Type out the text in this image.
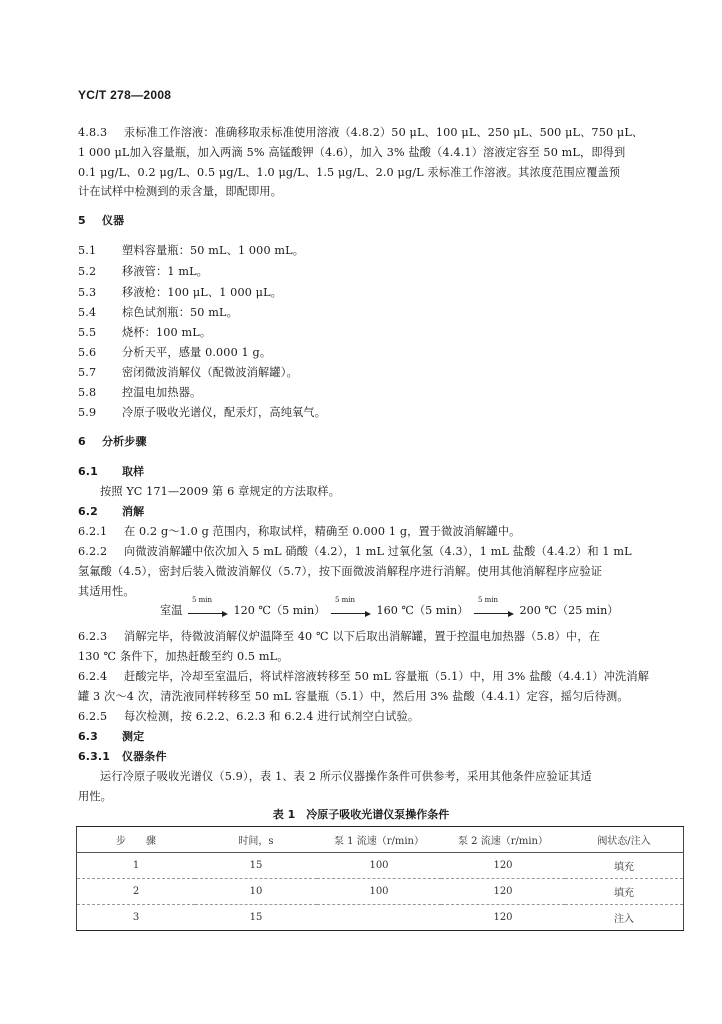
YC/T 278—2008
4.8.3 汞标准工作溶液：准确移取汞标准使用溶液（4.8.2）50 μL、100 μL、250 μL、500 μL、750 μL、
1 000 μL加入容量瓶，加入两滴 5% 高锰酸钾（4.6），加入 3% 盐酸（4.4.1）溶液定容至 50 mL，即得到
0.1 μg/L、0.2 μg/L、0.5 μg/L、1.0 μg/L、1.5 μg/L、2.0 μg/L 汞标准工作溶液。其浓度范围应覆盖预
计在试样中检测到的汞含量，即配即用。
5 仪器
5.1 塑料容量瓶：50 mL、1 000 mL。
5.2 移液管：1 mL。
5.3 移液枪：100 μL、1 000 μL。
5.4 棕色试剂瓶：50 mL。
5.5 烧杯：100 mL。
5.6 分析天平，感量 0.000 1 g。
5.7 密闭微波消解仪（配微波消解罐）。
5.8 控温电加热器。
5.9 冷原子吸收光谱仪，配汞灯，高纯氧气。
6 分析步骤
6.1 取样
按照 YC 171—2009 第 6 章规定的方法取样。
6.2 消解
6.2.1 在 0.2 g～1.0 g 范围内，称取试样，精确至 0.000 1 g，置于微波消解罐中。
6.2.2 向微波消解罐中依次加入 5 mL 硝酸（4.2），1 mL 过氧化氢（4.3），1 mL 盐酸（4.4.2）和 1 mL
氢氟酸（4.5），密封后装入微波消解仪（5.7），按下面微波消解程序进行消解。使用其他消解程序应验证
其适用性。
室温
5 min
120 ℃（5 min）
5 min
160 ℃（5 min）
5 min
200 ℃（25 min）
6.2.3 消解完毕，待微波消解仪炉温降至 40 ℃ 以下后取出消解罐，置于控温电加热器（5.8）中，在
130 ℃ 条件下，加热赶酸至约 0.5 mL。
6.2.4 赶酸完毕，冷却至室温后，将试样溶液转移至 50 mL 容量瓶（5.1）中，用 3% 盐酸（4.4.1）冲洗消解
罐 3 次～4 次，清洗液同样转移至 50 mL 容量瓶（5.1）中，然后用 3% 盐酸（4.4.1）定容，摇匀后待测。
6.2.5 每次检测，按 6.2.2、6.2.3 和 6.2.4 进行试剂空白试验。
6.3 测定
6.3.1 仪器条件
运行冷原子吸收光谱仪（5.9），表 1、表 2 所示仪器操作条件可供参考，采用其他条件应验证其适
用性。
表 1　冷原子吸收光谱仪泵操作条件
步　　骤	时间，s	泵 1 流速（r/min）	泵 2 流速（r/min）	阀状态/注入
1	15	100	120	填充
2	10	100	120	填充
3	15		120	注入
